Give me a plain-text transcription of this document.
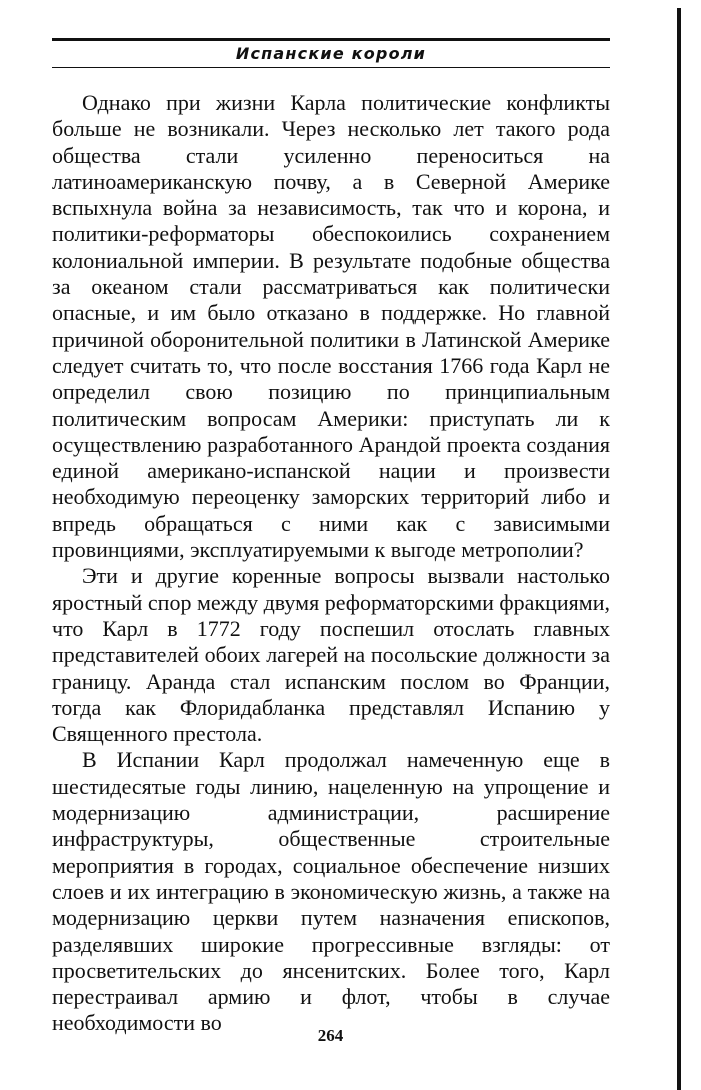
Испанские короли

Однако при жизни Карла политические конфликты больше не возникали. Через несколько лет такого рода общества стали усиленно переноситься на латиноамериканскую почву, а в Северной Америке вспыхнула война за независимость, так что и корона, и политики-реформаторы обеспокоились сохранением колониальной империи. В результате подобные общества за океаном стали рассматриваться как политически опасные, и им было отказано в поддержке. Но главной причиной оборонительной политики в Латинской Америке следует считать то, что после восстания 1766 года Карл не определил свою позицию по принципиальным политическим вопросам Америки: приступать ли к осуществлению разработанного Арандой проекта создания единой американо-испанской нации и произвести необходимую переоценку заморских территорий либо и впредь обращаться с ними как с зависимыми провинциями, эксплуатируемыми к выгоде метрополии?

Эти и другие коренные вопросы вызвали настолько яростный спор между двумя реформаторскими фракциями, что Карл в 1772 году поспешил отослать главных представителей обоих лагерей на посольские должности за границу. Аранда стал испанским послом во Франции, тогда как Флоридабланка представлял Испанию у Священного престола.

В Испании Карл продолжал намеченную еще в шестидесятые годы линию, нацеленную на упрощение и модернизацию администрации, расширение инфраструктуры, общественные строительные мероприятия в городах, социальное обеспечение низших слоев и их интеграцию в экономическую жизнь, а также на модернизацию церкви путем назначения епископов, разделявших широкие прогрессивные взгляды: от просветительских до янсенитских. Более того, Карл перестраивал армию и флот, чтобы в случае необходимости во

264
